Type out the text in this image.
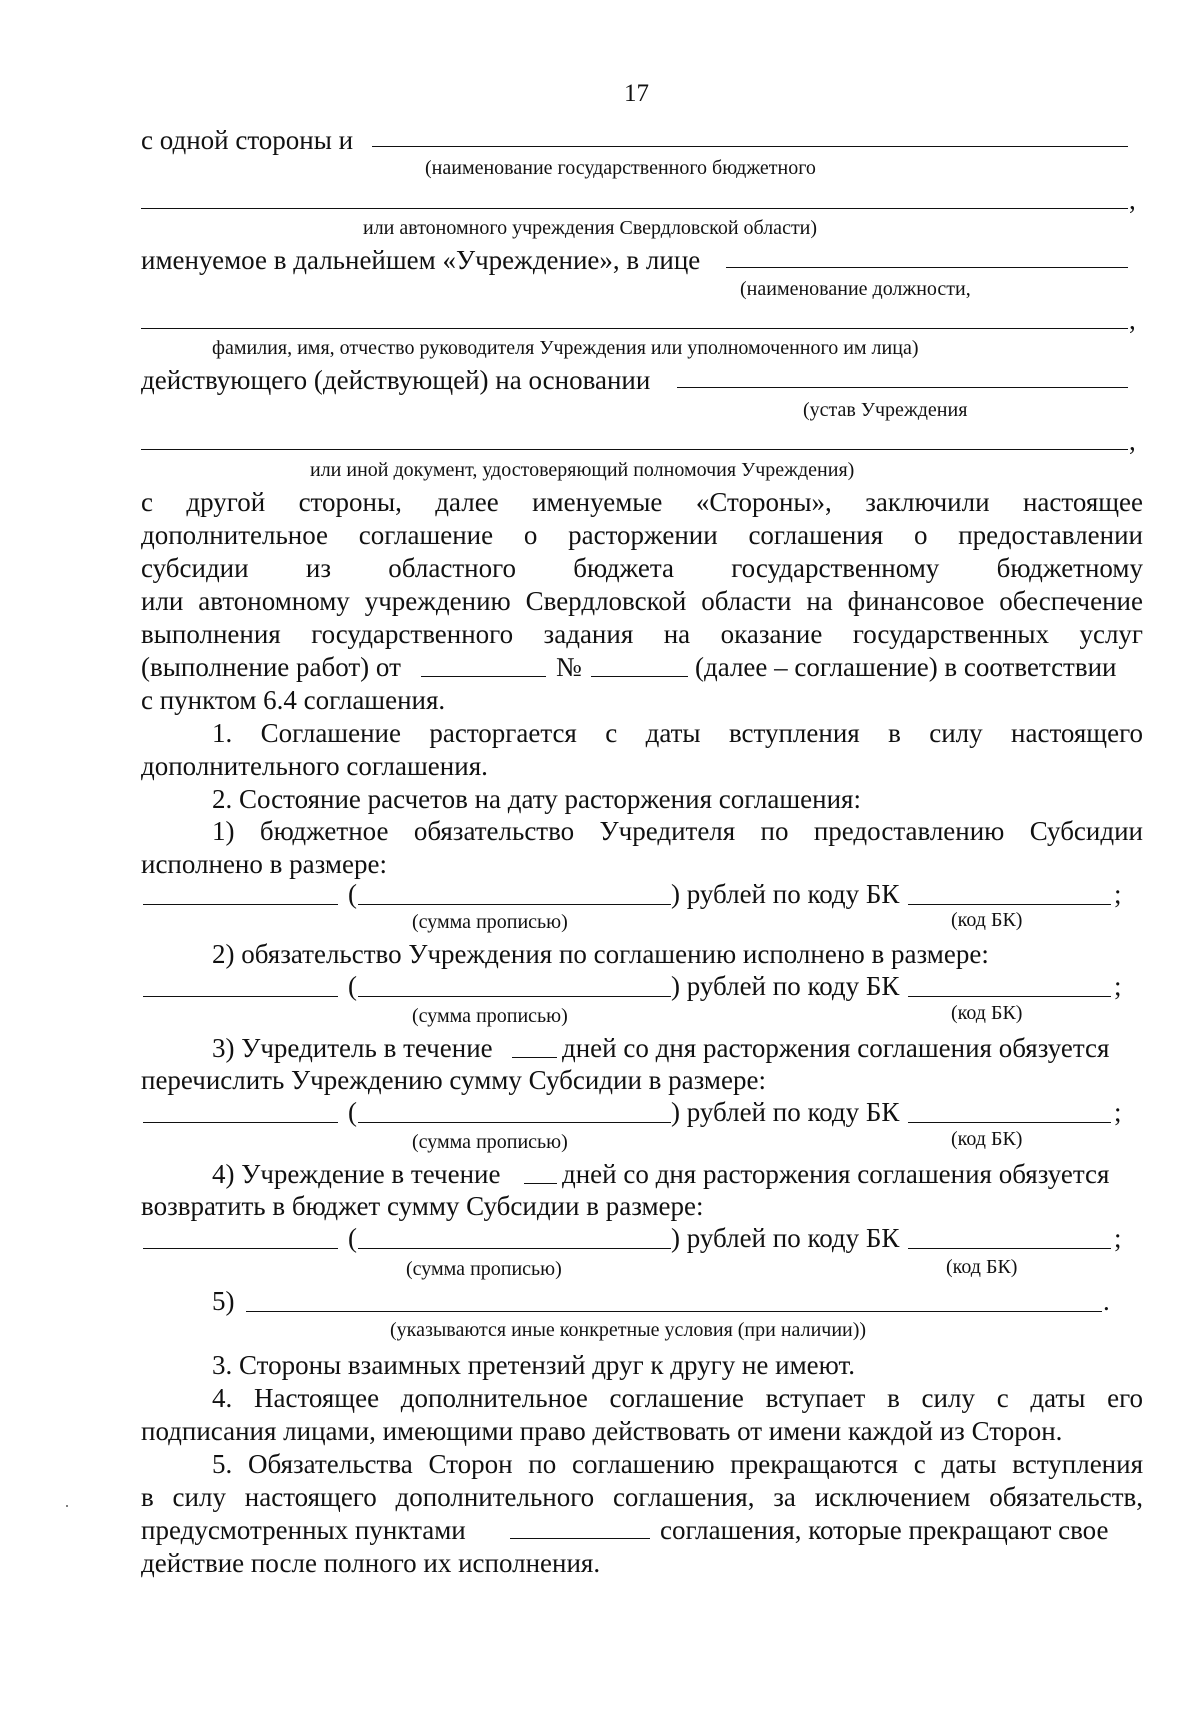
17
с одной стороны и
(наименование государственного бюджетного
,
или автономного учреждения Свердловской области)
именуемое в дальнейшем «Учреждение», в лице
(наименование должности,
,
фамилия, имя, отчество руководителя Учреждения или уполномоченного им лица)
действующего (действующей) на основании
(устав Учреждения
,
или иной документ, удостоверяющий полномочия Учреждения)
с другой стороны, далее именуемые «Стороны», заключили настоящее
дополнительное соглашение о расторжении соглашения о предоставлении
субсидии из областного бюджета государственному бюджетному
или автономному учреждению Свердловской области на финансовое обеспечение
выполнения государственного задания на оказание государственных услуг
(выполнение работ) от	№	(далее – соглашение) в соответствии
с пунктом 6.4 соглашения.
1. Соглашение расторгается с даты вступления в силу настоящего
дополнительного соглашения.
2. Состояние расчетов на дату расторжения соглашения:
1) бюджетное обязательство Учредителя по предоставлению Субсидии
исполнено в размере:
(	) рублей по коду БК	;
(сумма прописью)	(код БК)
2) обязательство Учреждения по соглашению исполнено в размере:
(	) рублей по коду БК	;
(сумма прописью)	(код БК)
3) Учредитель в течение	дней со дня расторжения соглашения обязуется
перечислить Учреждению сумму Субсидии в размере:
(	) рублей по коду БК	;
(сумма прописью)	(код БК)
4) Учреждение в течение дней со дня расторжения соглашения обязуется
возвратить в бюджет сумму Субсидии в размере:
(	) рублей по коду БК	;
(сумма прописью)	(код БК)
5)	.
(указываются иные конкретные условия (при наличии))
3. Стороны взаимных претензий друг к другу не имеют.
4. Настоящее дополнительное соглашение вступает в силу с даты его
подписания лицами, имеющими право действовать от имени каждой из Сторон.
5. Обязательства Сторон по соглашению прекращаются с даты вступления
в силу настоящего дополнительного соглашения, за исключением обязательств,
предусмотренных пунктами	соглашения, которые прекращают свое
действие после полного их исполнения.
